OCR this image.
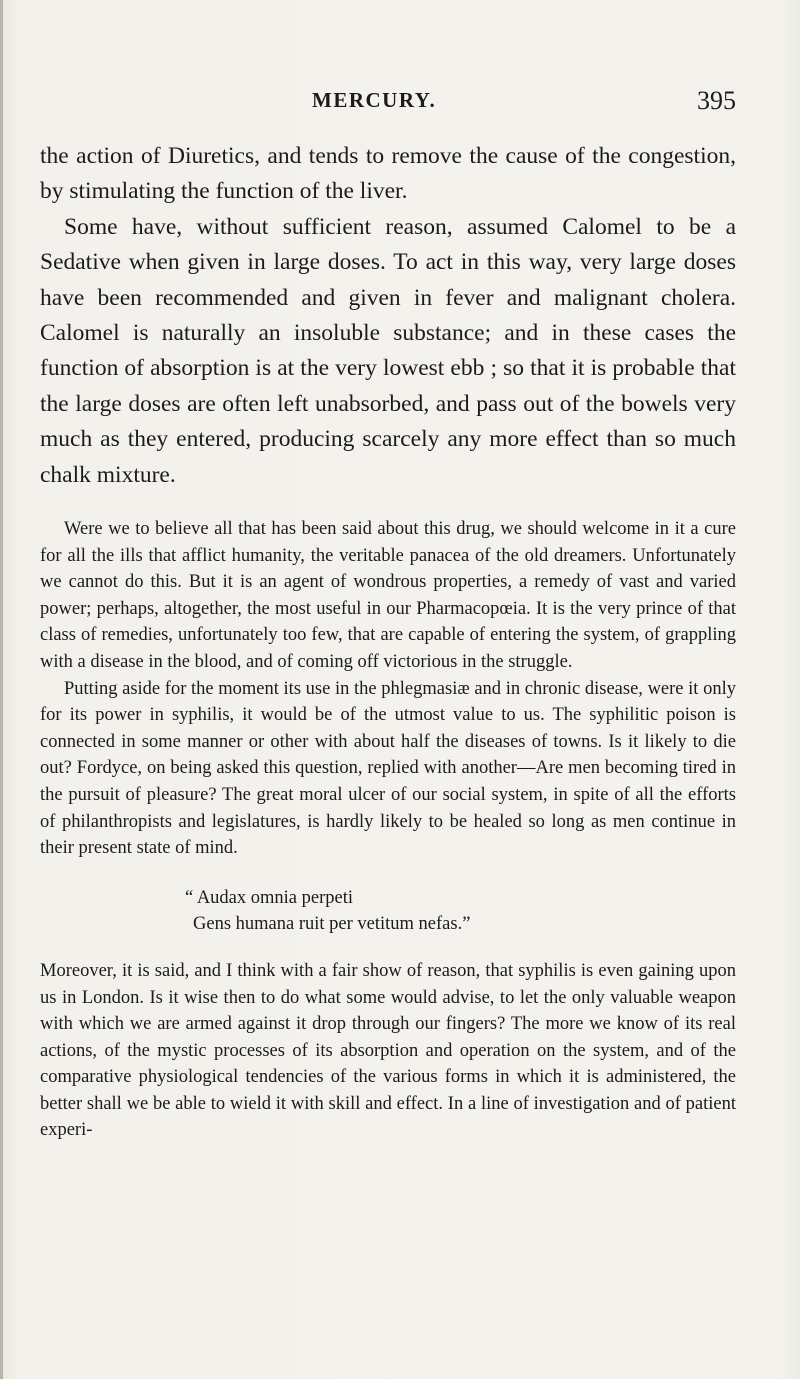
MERCURY.	395

the action of Diuretics, and tends to remove the cause of the congestion, by stimulating the function of the liver.

Some have, without sufficient reason, assumed Calomel to be a Sedative when given in large doses. To act in this way, very large doses have been recommended and given in fever and malignant cholera. Calomel is naturally an insoluble substance; and in these cases the function of absorption is at the very lowest ebb ; so that it is probable that the large doses are often left unabsorbed, and pass out of the bowels very much as they entered, producing scarcely any more effect than so much chalk mixture.

Were we to believe all that has been said about this drug, we should welcome in it a cure for all the ills that afflict humanity, the veritable panacea of the old dreamers. Unfortunately we cannot do this. But it is an agent of wondrous properties, a remedy of vast and varied power; perhaps, altogether, the most useful in our Pharmacopœia. It is the very prince of that class of remedies, unfortunately too few, that are capable of entering the system, of grappling with a disease in the blood, and of coming off victorious in the struggle.

Putting aside for the moment its use in the phlegmasiæ and in chronic disease, were it only for its power in syphilis, it would be of the utmost value to us. The syphilitic poison is connected in some manner or other with about half the diseases of towns. Is it likely to die out? Fordyce, on being asked this question, replied with another—Are men becoming tired in the pursuit of pleasure? The great moral ulcer of our social system, in spite of all the efforts of philanthropists and legislatures, is hardly likely to be healed so long as men continue in their present state of mind.

“ Audax omnia perpeti
Gens humana ruit per vetitum nefas.”

Moreover, it is said, and I think with a fair show of reason, that syphilis is even gaining upon us in London. Is it wise then to do what some would advise, to let the only valuable weapon with which we are armed against it drop through our fingers? The more we know of its real actions, of the mystic processes of its absorption and operation on the system, and of the comparative physiological tendencies of the various forms in which it is administered, the better shall we be able to wield it with skill and effect. In a line of investigation and of patient experi-
